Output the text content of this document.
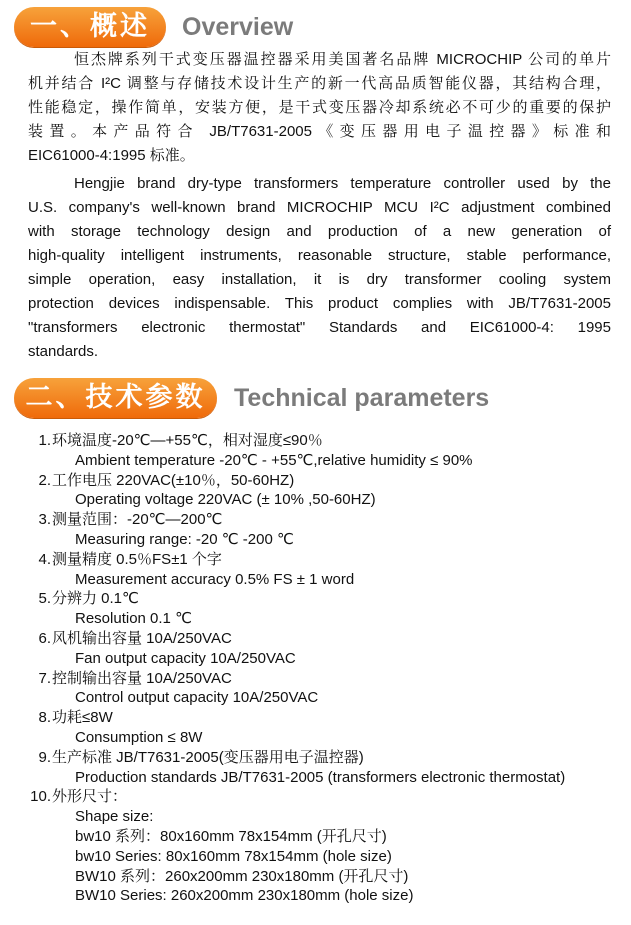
一、概述	Overview
恒杰牌系列干式变压器温控器采用美国著名品牌 MICROCHIP 公司的单片
机并结合 I²C 调整与存储技术设计生产的新一代高品质智能仪器，其结构合理，
性能稳定，操作简单，安装方便，是干式变压器冷却系统必不可少的重要的保护
装置。本产品符合 JB/T7631-2005《变压器用电子温控器》标准和
EIC61000-4:1995 标准。
Hengjie brand dry-type transformers temperature controller used by the
U.S. company's well-known brand MICROCHIP MCU I²C adjustment combined
with storage technology design and production of a new generation of
high-quality intelligent instruments, reasonable structure, stable performance,
simple operation, easy installation, it is dry transformer cooling system
protection devices indispensable. This product complies with JB/T7631-2005
"transformers electronic thermostat" Standards and EIC61000-4: 1995
standards.
二、技术参数	Technical parameters
1. 环境温度-20℃—+55℃，相对湿度≤90％
Ambient temperature -20℃ - +55℃,relative humidity ≤ 90%
2. 工作电压 220VAC(±10％，50-60HZ)
Operating voltage 220VAC (± 10% ,50-60HZ)
3. 测量范围：-20℃—200℃
Measuring range: -20 ℃ -200 ℃
4. 测量精度 0.5％FS±1 个字
Measurement accuracy 0.5% FS ± 1 word
5. 分辨力 0.1℃
Resolution 0.1 ℃
6. 风机输出容量 10A/250VAC
Fan output capacity 10A/250VAC
7. 控制输出容量 10A/250VAC
Control output capacity 10A/250VAC
8. 功耗≤8W
Consumption ≤ 8W
9. 生产标准 JB/T7631-2005(变压器用电子温控器)
Production standards JB/T7631-2005 (transformers electronic thermostat)
10. 外形尺寸：
Shape size:
bw10 系列：80x160mm 78x154mm (开孔尺寸)
bw10 Series: 80x160mm 78x154mm (hole size)
BW10 系列：260x200mm 230x180mm (开孔尺寸)
BW10 Series: 260x200mm 230x180mm (hole size)
